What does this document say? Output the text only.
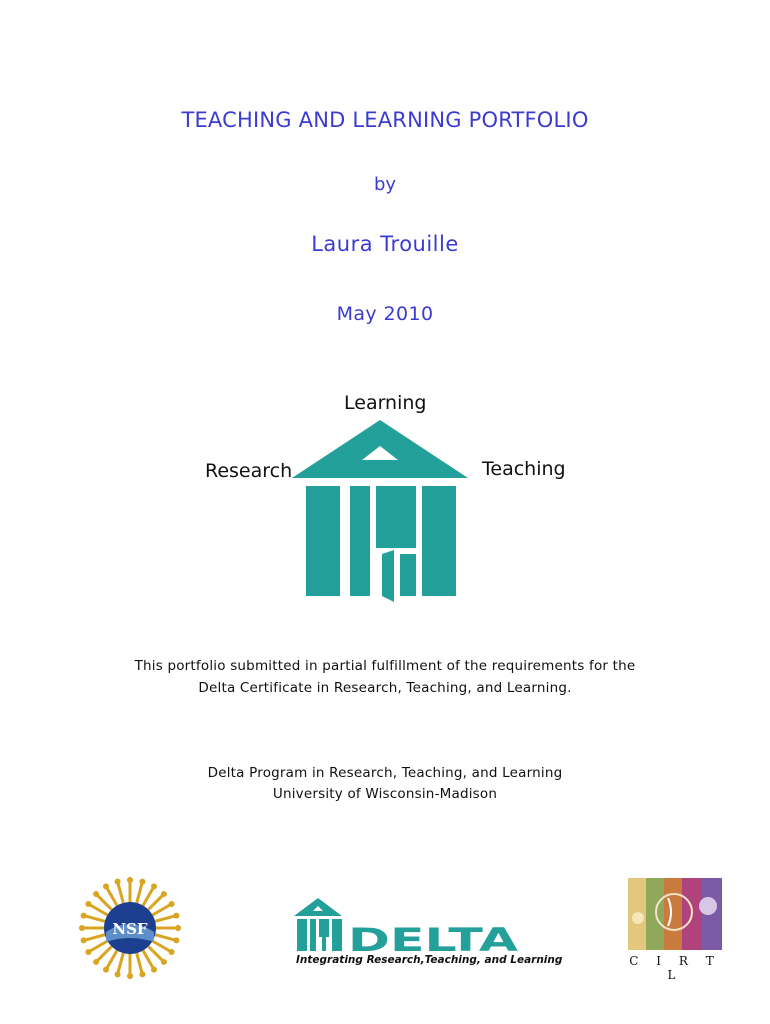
TEACHING AND LEARNING PORTFOLIO
by
Laura Trouille
May 2010
Learning
Research	Teaching
This portfolio submitted in partial fulfillment of the requirements for the
Delta Certificate in Research, Teaching, and Learning.
Delta Program in Research, Teaching, and Learning
University of Wisconsin-Madison
NSF	DELTA
Integrating Research,Teaching, and Learning	C I R T L
